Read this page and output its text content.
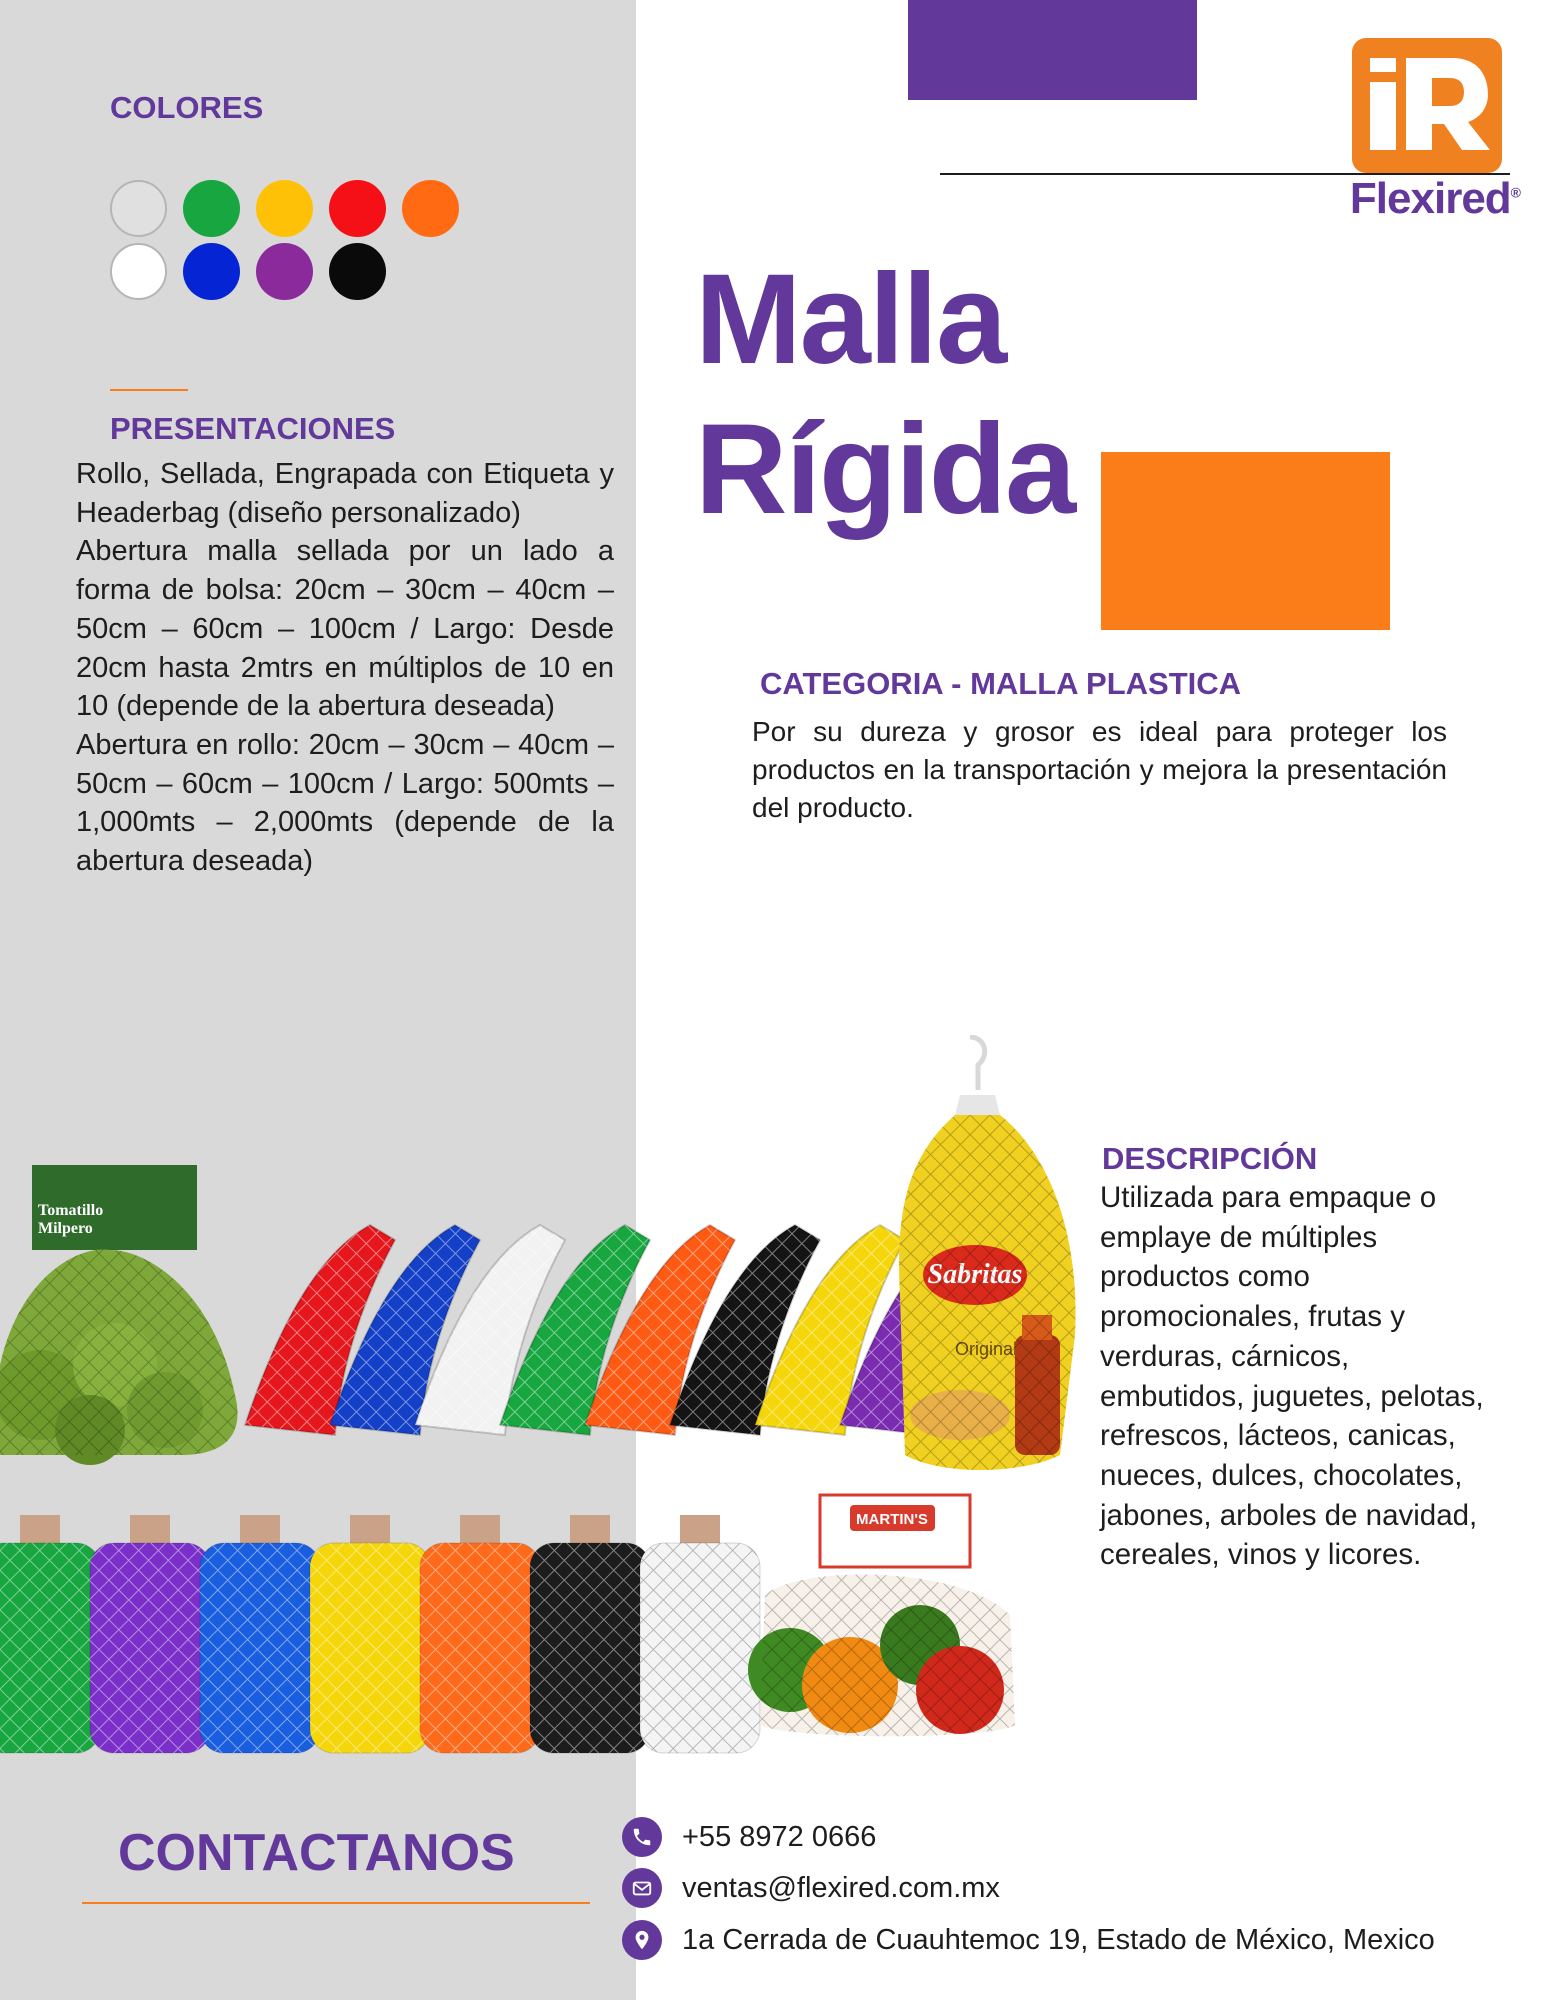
Flexired®
COLORES
PRESENTACIONES

Rollo, Sellada, Engrapada con Etiqueta y Headerbag (diseño personalizado)

Abertura malla sellada por un lado a forma de bolsa: 20cm – 30cm – 40cm – 50cm – 60cm – 100cm / Largo: Desde 20cm hasta 2mtrs en múltiplos de 10 en 10 (depende de la abertura deseada)

Abertura en rollo: 20cm – 30cm – 40cm – 50cm – 60cm – 100cm / Largo: 500mts – 1,000mts – 2,000mts (depende de la abertura deseada)

Malla
Rígida
CATEGORIA - MALLA PLASTICA

Por su dureza y grosor es ideal para proteger los productos en la transportación y mejora la presentación del producto.

DESCRIPCIÓN

Utilizada para empaque o emplaye de múltiples productos como promocionales, frutas y verduras, cárnicos, embutidos, juguetes, pelotas, refrescos, lácteos, canicas, nueces, dulces, chocolates, jabones, arboles de navidad, cereales, vinos y licores.

Tomatillo
Milpero
MARTIN'S
CONTACTANOS	+55 8972 0666
ventas@flexired.com.mx
1a Cerrada de Cuauhtemoc 19, Estado de México, Mexico
